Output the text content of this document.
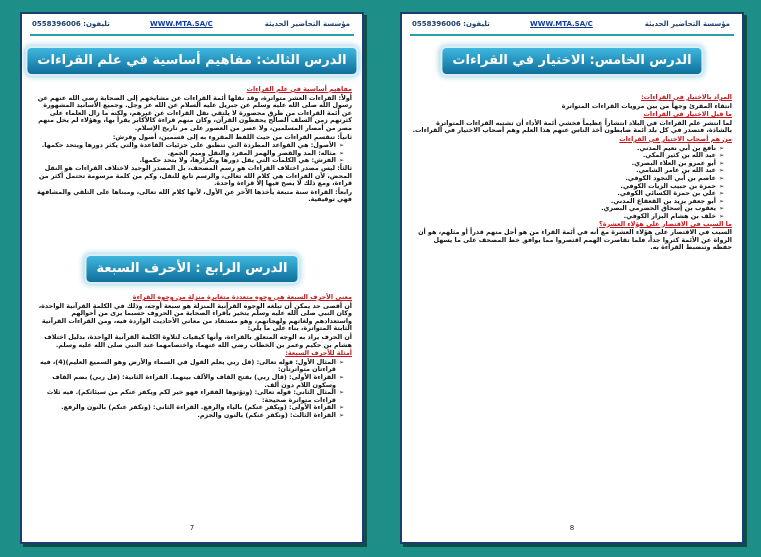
تلیفون: 0558396006	WWW.MTA.SA/C	مؤسسة التحاضير الحديثة
الدرس الثالث: مفاهيم أساسية في علم القراءات

مفاهيم أساسية في علم القراءات

أولاً: القراءات العشر متواترة، وقد نقلها أئمة القراءات عن مشايخهم إلى الصحابة رضي الله عنهم عن رسول الله صلى الله عليه وسلم عن جبريل عليه السلام عن الله عز وجل. وجميع الأسانيد المشهورة عن أئمة القراءات من طرق محصورة لا يلتقي نقل القراءات عن غيرهم، ولكنه ما زال العلماء على كثرتهم زمن السلف الصالح يحفظون القرآن، وكان منهم قراءة كالأكابر يقرأ بها، وهؤلاء لم يخل منهم مصر من أمصار المسلمين، ولا عصر من العصور على مر تاريخ الإسلام.

ثانياً: تنقسم القراءات من حيث اللفظ المقروء به إلى قسمين، أصول وفرش:

➢ الأصول: هي القواعد المطردة التي تنطبق على جزئيات القاعدة والتي يكثر دورها ويتحد حكمها.
➢ مثاله: المد والقصر والهمز المفرد والنقل وميم الجمع.
➢ الفرش: هي الكلمات التي يقل دورها وتكرارها، ولا يتحد حكمها.

ثالثاً: ليس مصدر اختلاف القراءات هو رسم المصحف، بل المصدر الوحيد لاختلاف القراءات هو النقل المحض، لأن القراءات هي كلام الله تعالى، والرسم تابع للنقل، وكم من كلمة مرسومة تحتمل أكثر من قراءة، ومع ذلك لا يصح فيها إلا قراءة واحدة.

رابعاً: القراءة سنة متبعة يأخذها الآخر عن الأول، لأنها كلام الله تعالى، ومبناها على التلقي والمشافهة فهي توقيفية.

الدرس الرابع : الأحرف السبعة

معنى الأحرف السبعة هي وجوه متعددة متغايرة منزلة من وجوه القراءة

أن أقصى حد يمكن أن تبلغه الوجوه القرآنية المنزلة هو سبعة أوجه، وذلك في الكلمة القرآنية الواحدة، وكان النبي صلى الله عليه وسلم يتخير بأقراء الصحابة من الحروف حسبما يرى من أحوالهم واستعدادهم ولغاتهم ولهجاتهم، وهو مستفاد من معاني الأحاديث الواردة فيه، ومن القراءات القرآنية الثابتة المتواترة، بناء على ما يلي:

أن الحرف يراد به الوجه المتعلق بالقراءة، وأنها كيفيات لتلاوة الكلمة القرآنية الواحدة، بدليل اختلاف هشام بن حكيم وعمر بن الخطاب رضي الله عنهما، واختصامهما عند النبي صلى الله عليه وسلم.

أمثلة للأحرف السبعة:

➢ المثال الأول: قوله تعالى: (قل ربي يعلم القول في السماء والأرض وهو السميع العليم)(4)، فيه قراءتان متواترتان:
➢ القراءة الأولى: (قال ربي) بفتح القاف والألف بينهما. القراءة الثانية: (قل ربي) بضم القاف وسكون اللام دون ألف.
➢ المثال الثاني: قوله تعالى: (وتؤتوها الفقراء فهو خير لكم ويكفر عنكم من سيئاتكم). فيه ثلاث قراءات متواترة صحيحة:
➢ القراءة الأولى: (ويكفر عنكم) بالياء والرفع. القراءة الثاني: (ونكفر عنكم) بالنون والرفع.
➢ القراءة الثالث: (ونكفر عنكم) بالنون والجزم.
7
تلیفون: 0558396006	WWW.MTA.SA/C	مؤسسة التحاضير الحديثة
الدرس الخامس: الاختيار في القراءات

المراد بالاختيار في القراءات:

انتقاء المقرئ وجهاً من بين مرويات القراءات المتواترة

ما قبل الاختيار في القراءات

لما انتشر علم القراءات في البلاد انتشاراً عظيماً فخشي أئمة الأداء أن تشتبه القراءات المتواترة بالشاذة، فتصدر في كل بلد أئمة ضابطون أخذ الناس عنهم هذا العلم وهم أصحاب الاختيار في القراءات.

من هم أصحاب الاختيار في القراءات

➢ نافع بن أبي نعيم المدني.
➢ عبد الله بن كثير المكي.
➢ أبو عمرو بن العلاء البصري.
➢ عبد الله بن عامر الشامي.
➢ عاصم بن أبي النجود الكوفي.
➢ حمزة بن حبيب الزيات الكوفي.
➢ علي بن حمزة الكسائي الكوفي.
➢ أبو جعفر يزيد بن القعقاع المدني.
➢ يعقوب بن إسحاق الحضرمي البصري.
➢ خلف بن هشام البزار الكوفي.

ما السبب في الاقتصار على هؤلاء العشرة؟

السبب في الاقتصار على هؤلاء العشرة مع أنه في أئمة القراء من هو أجل منهم قدراً أو مثلهم، هو أن الرواة عن الأئمة كثروا جداً، فلما تقاصرت الهمم اقتصروا مما يوافق خط المصحف على ما يسهل حفظه وتنضبط القراءة به.

8
